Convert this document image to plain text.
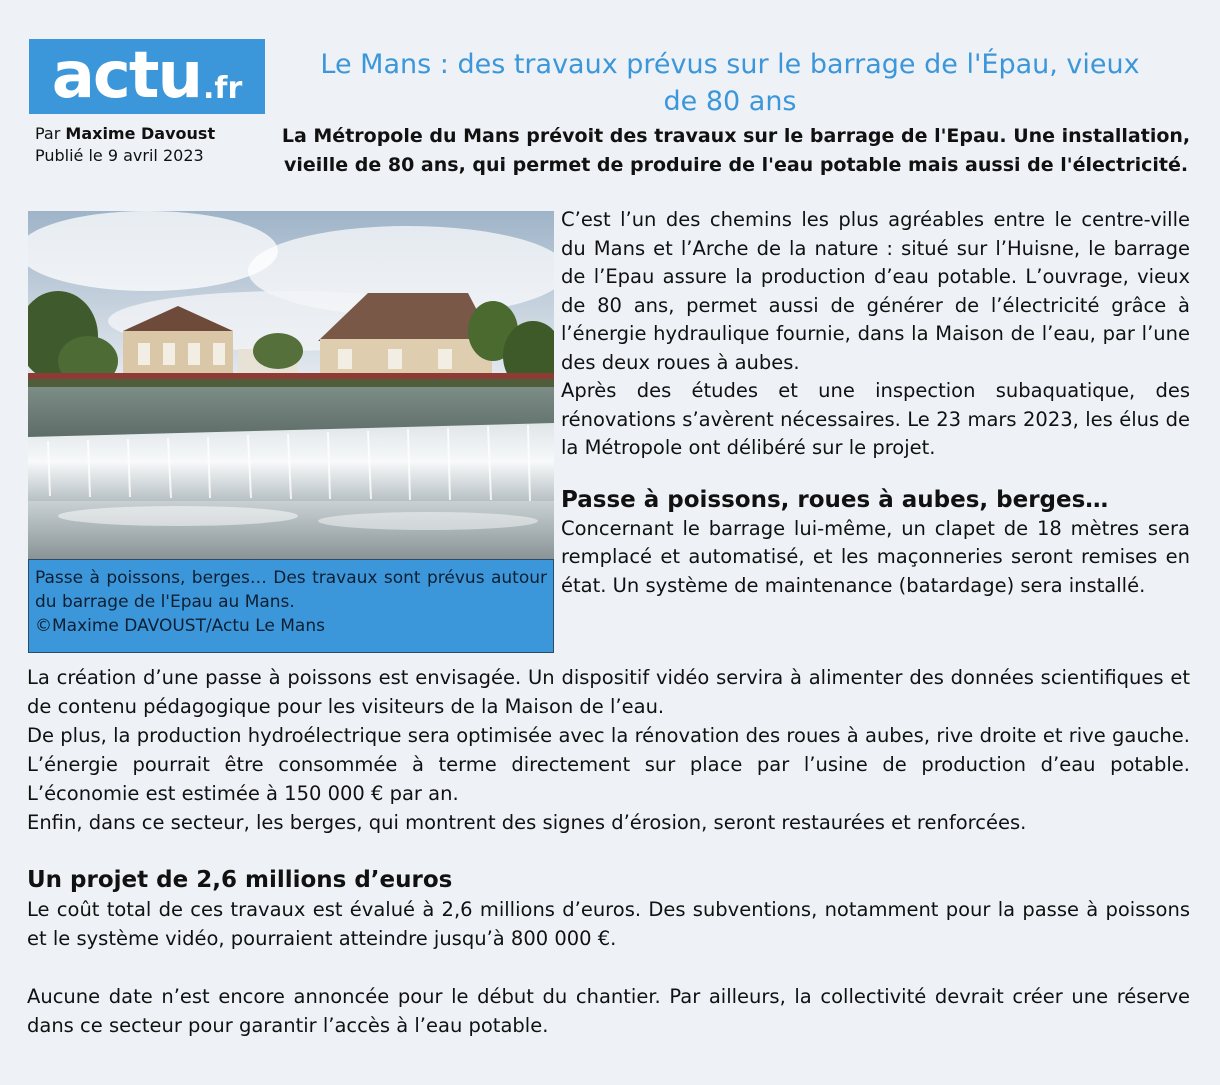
actu .fr
Par Maxime Davoust
Publié le 9 avril 2023
Le Mans : des travaux prévus sur le barrage de l'Épau, vieux de 80 ans
La Métropole du Mans prévoit des travaux sur le barrage de l'Epau. Une installation, vieille de 80 ans, qui permet de produire de l'eau potable mais aussi de l'électricité.
Passe à poissons, berges… Des travaux sont prévus autour du barrage de l'Epau au Mans.
©Maxime DAVOUST/Actu Le Mans

C’est l’un des chemins les plus agréables entre le centre-ville du Mans et l’Arche de la nature : situé sur l’Huisne, le barrage de l’Epau assure la production d’eau potable. L’ouvrage, vieux de 80 ans, permet aussi de générer de l’électricité grâce à l’énergie hydraulique fournie, dans la Maison de l’eau, par l’une des deux roues à aubes.

Après des études et une inspection subaquatique, des rénovations s’avèrent nécessaires. Le 23 mars 2023, les élus de la Métropole ont délibéré sur le projet.

Passe à poissons, roues à aubes, berges…

Concernant le barrage lui-même, un clapet de 18 mètres sera remplacé et automatisé, et les maçonneries seront remises en état. Un système de maintenance (batardage) sera installé.

La création d’une passe à poissons est envisagée. Un dispositif vidéo servira à alimenter des données scientifiques et de contenu pédagogique pour les visiteurs de la Maison de l’eau.

De plus, la production hydroélectrique sera optimisée avec la rénovation des roues à aubes, rive droite et rive gauche. L’énergie pourrait être consommée à terme directement sur place par l’usine de production d’eau potable. L’économie est estimée à 150 000 € par an.

Enfin, dans ce secteur, les berges, qui montrent des signes d’érosion, seront restaurées et renforcées.

Un projet de 2,6 millions d’euros

Le coût total de ces travaux est évalué à 2,6 millions d’euros. Des subventions, notamment pour la passe à poissons et le système vidéo, pourraient atteindre jusqu’à 800 000 €.

Aucune date n’est encore annoncée pour le début du chantier. Par ailleurs, la collectivité devrait créer une réserve dans ce secteur pour garantir l’accès à l’eau potable.
